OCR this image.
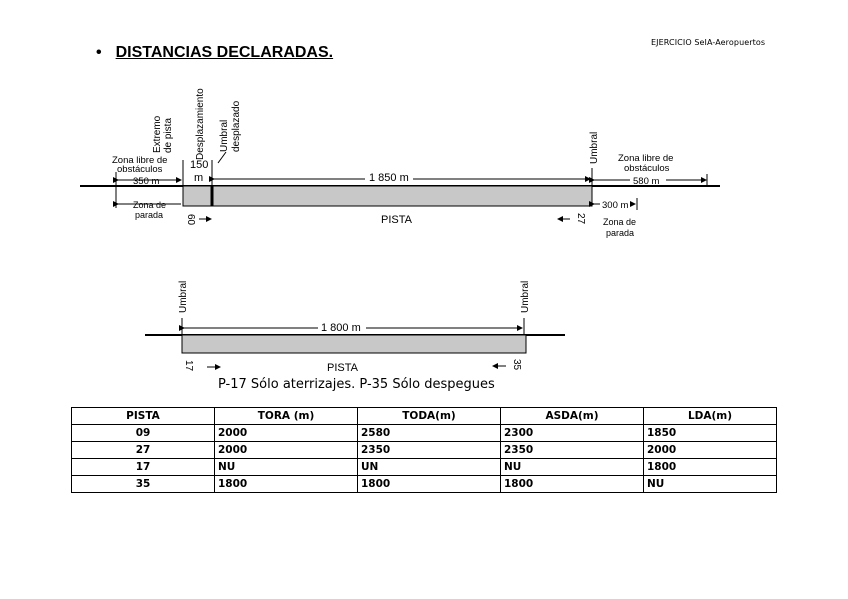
EJERCICIO SeIA-Aeropuertos
• DISTANCIAS DECLARADAS.
Extremo de pista Desplazamiento Umbral desplazado	Umbral
Zona libre de
obstáculos
350 m
150
m	1 850 m
Zona libre de
obstáculos
580 m
Zona de
parada
300 m
Zona de
parada
PISTA
60	27
Umbral	Umbral
1 800 m
PISTA
17	35
P-17 Sólo aterrizajes. P-35 Sólo despegues
PISTA	TORA (m)	TODA(m)	ASDA(m)	LDA(m)
09	2000	2580	2300	1850
27	2000	2350	2350	2000
17	NU	UN	NU	1800
35	1800	1800	1800	NU
